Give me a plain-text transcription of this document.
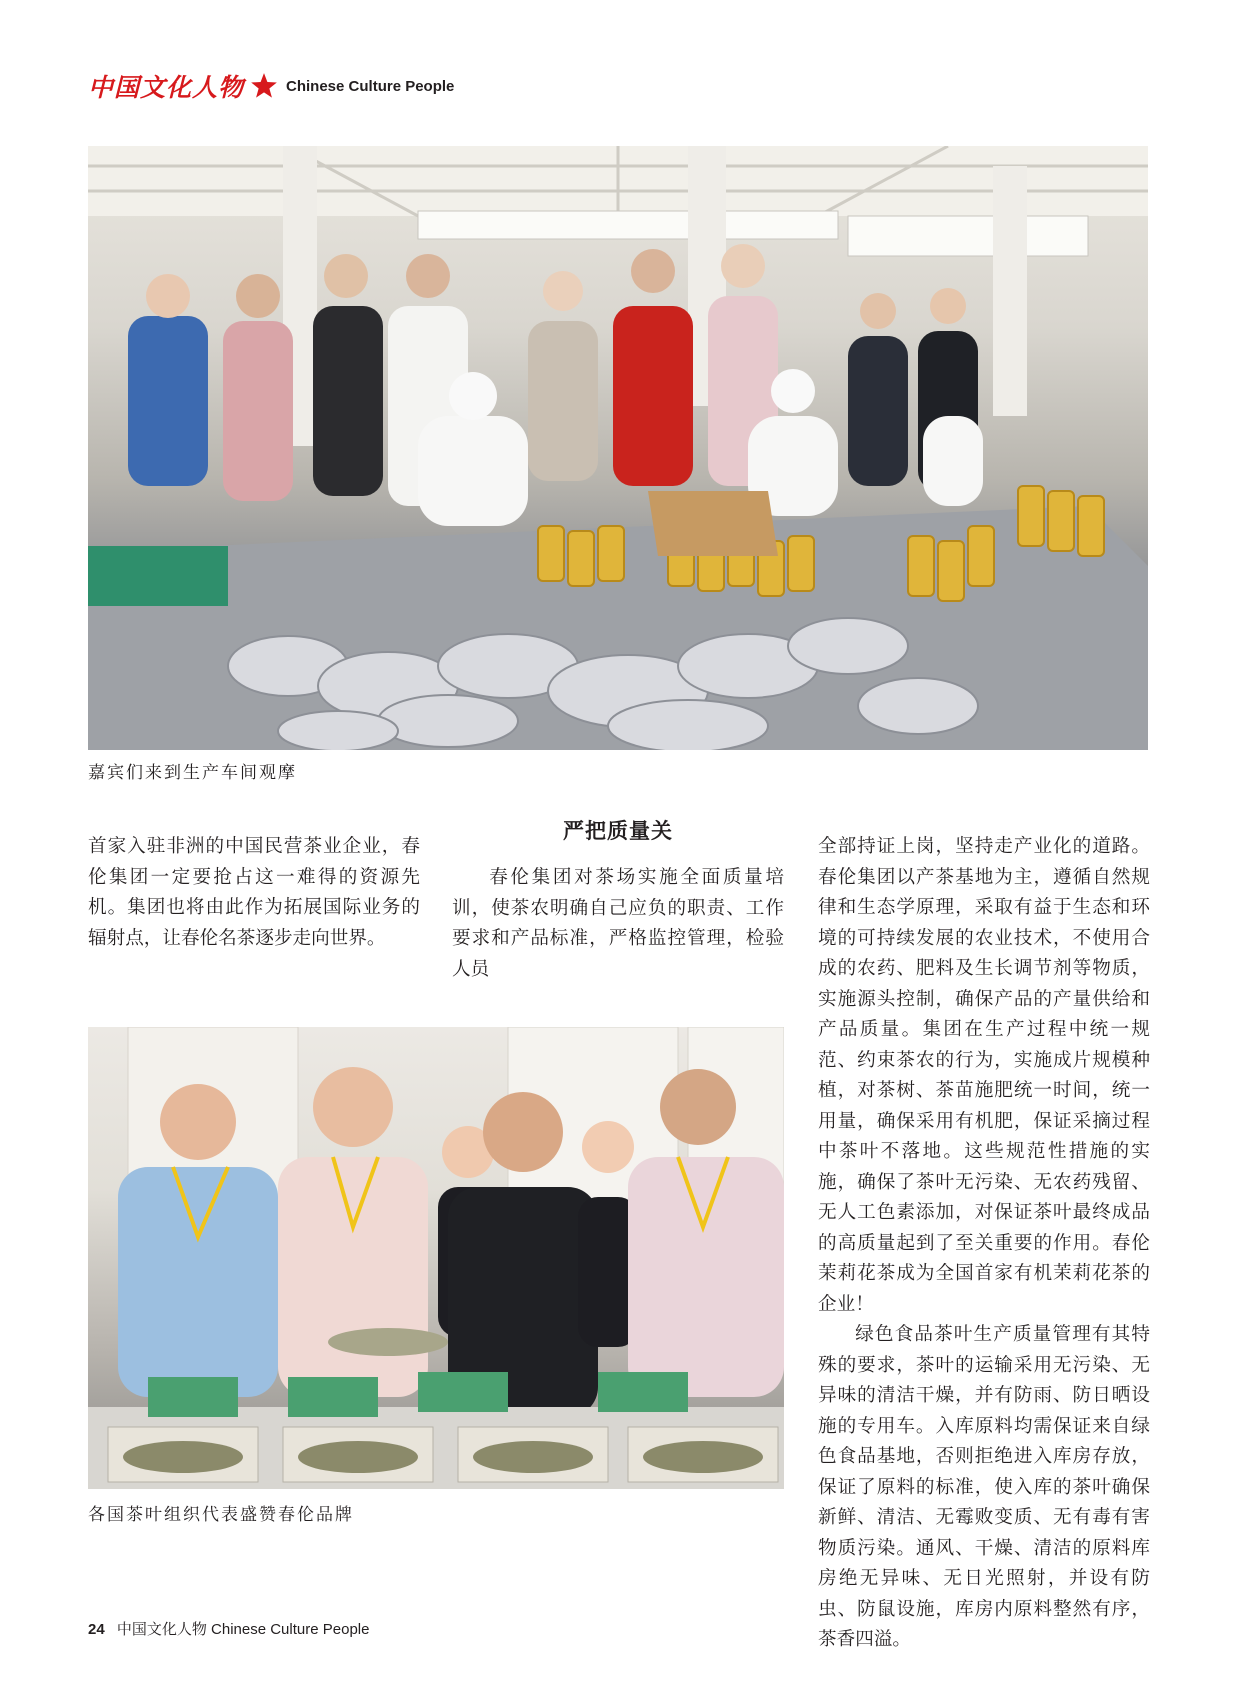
中国文化人物	Chinese Culture People
嘉宾们来到生产车间观摩

首家入驻非洲的中国民营茶业企业，春伦集团一定要抢占这一难得的资源先机。集团也将由此作为拓展国际业务的辐射点，让春伦名茶逐步走向世界。

严把质量关

春伦集团对茶场实施全面质量培训，使茶农明确自己应负的职责、工作要求和产品标准，严格监控管理，检验人员

全部持证上岗，坚持走产业化的道路。春伦集团以产茶基地为主，遵循自然规律和生态学原理，采取有益于生态和环境的可持续发展的农业技术，不使用合成的农药、肥料及生长调节剂等物质，实施源头控制，确保产品的产量供给和产品质量。集团在生产过程中统一规范、约束茶农的行为，实施成片规模种植，对茶树、茶苗施肥统一时间，统一用量，确保采用有机肥，保证采摘过程中茶叶不落地。这些规范性措施的实施，确保了茶叶无污染、无农药残留、无人工色素添加，对保证茶叶最终成品的高质量起到了至关重要的作用。春伦茉莉花茶成为全国首家有机茉莉花茶的企业！

绿色食品茶叶生产质量管理有其特殊的要求，茶叶的运输采用无污染、无异味的清洁干燥，并有防雨、防日晒设施的专用车。入库原料均需保证来自绿色食品基地，否则拒绝进入库房存放，保证了原料的标准，使入库的茶叶确保新鲜、清洁、无霉败变质、无有毒有害物质污染。通风、干燥、清洁的原料库房绝无异味、无日光照射，并设有防虫、防鼠设施，库房内原料整然有序，茶香四溢。

各国茶叶组织代表盛赞春伦品牌
24 中国文化人物 Chinese Culture People
